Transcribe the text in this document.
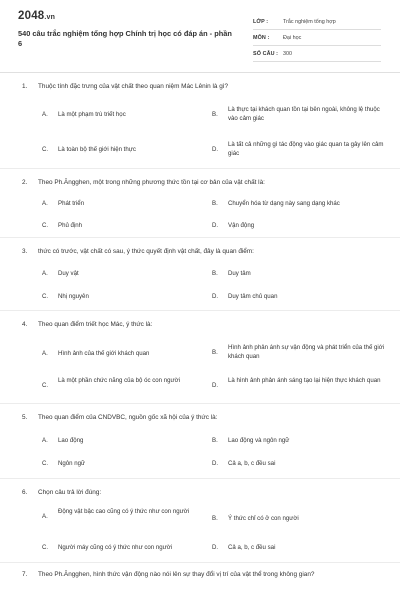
2048.vn
540 câu trắc nghiệm tổng hợp Chính trị học có đáp án - phần 6
LỚP :	Trắc nghiệm tổng hợp
MÔN :	Đại học
SỐ CÂU : 300
1. Thuộc tính đặc trưng của vật chất theo quan niệm Mác Lênin là gì?
A. Là một phạm trù triết học	B.
Là thực tại khách quan tồn tại bên ngoài, không lệ thuộc vào cảm giác
C. Là toàn bộ thế giới hiện thực	D.
Là tất cả những gì tác động vào giác quan ta gây lên cảm giác
2. Theo Ph.Ăngghen, một trong những phương thức tồn tại cơ bản của vật chất là:
A. Phát triển	B. Chuyển hóa từ dạng này sang dạng khác
C. Phủ định	D. Vận động
3. thức có trước, vật chất có sau, ý thức quyết định vật chất, đây là quan điểm:
A. Duy vật	B. Duy tâm
C. Nhị nguyên	D. Duy tâm chủ quan
4. Theo quan điểm triết học Mác, ý thức là:
A. Hình ảnh của thế giới khách quan	B.
Hình ảnh phản ánh sự vận động và phát triển của thế giới khách quan
C.
Là một phần chức năng của bộ óc con người
D.
Là hình ảnh phản ánh sáng tạo lại hiện thực khách quan
5. Theo quan điểm của CNDVBC, nguồn gốc xã hội của ý thức là:
A. Lao động	B. Lao động và ngôn ngữ
C. Ngôn ngữ	D. Cả a, b, c đều sai
6. Chọn câu trả lời đúng:
A.
Động vật bậc cao cũng có ý thức như con người
B. Ý thức chỉ có ở con người
C. Người máy cũng có ý thức như con người	D. Cả a, b, c đều sai
7. Theo Ph.Ăngghen, hình thức vận động nào nói lên sự thay đổi vị trí của vật thể trong không gian?
